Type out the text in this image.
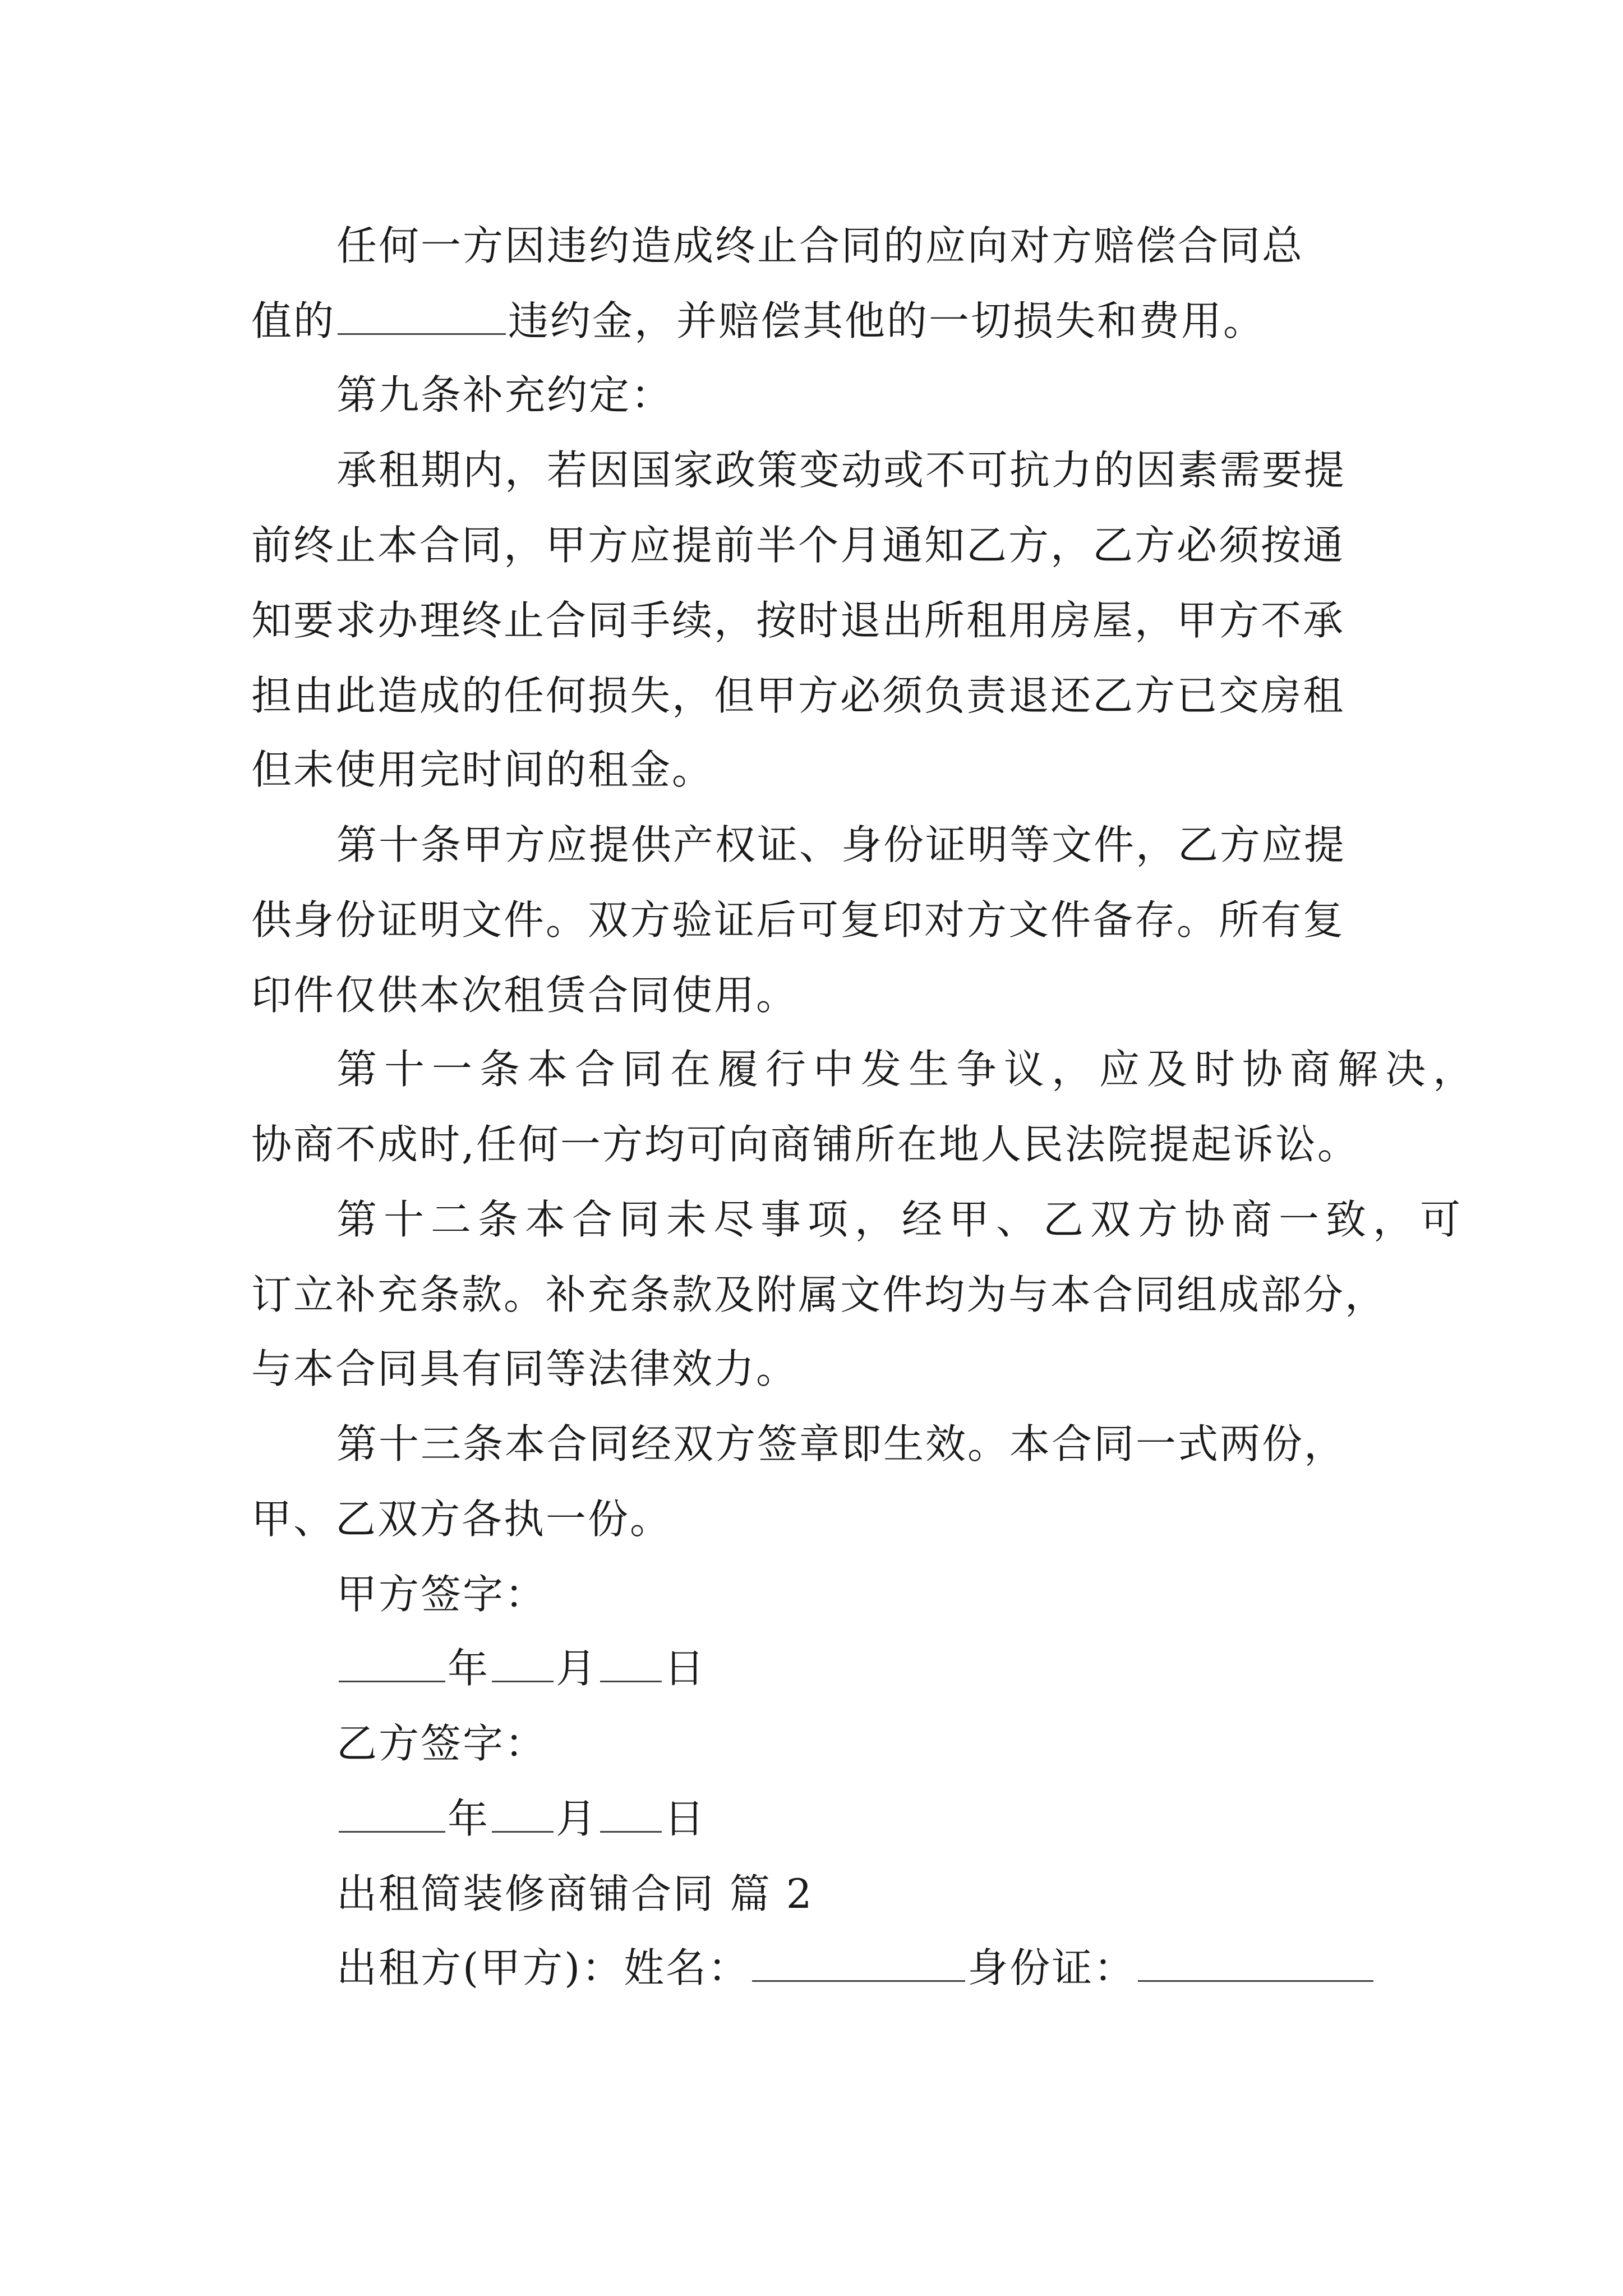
任何一方因违约造成终止合同的应向对方赔偿合同总
值的	违约金，并赔偿其他的一切损失和费用。
第九条补充约定：
承租期内，若因国家政策变动或不可抗力的因素需要提
前终止本合同，甲方应提前半个月通知乙方，乙方必须按通
知要求办理终止合同手续，按时退出所租用房屋，甲方不承
担由此造成的任何损失，但甲方必须负责退还乙方已交房租
但未使用完时间的租金。
第十条甲方应提供产权证、身份证明等文件，乙方应提
供身份证明文件。双方验证后可复印对方文件备存。所有复
印件仅供本次租赁合同使用。
第十一条本合同在履行中发生争议，应及时协商解决，
协商不成时,任何一方均可向商铺所在地人民法院提起诉讼。
第十二条本合同未尽事项，经甲、乙双方协商一致，可
订立补充条款。补充条款及附属文件均为与本合同组成部分，
与本合同具有同等法律效力。
第十三条本合同经双方签章即生效。本合同一式两份，
甲、乙双方各执一份。
甲方签字：
年 月 日
乙方签字：
年 月 日
出租简装修商铺合同 篇 2
出租方(甲方)：姓名：	身份证：
